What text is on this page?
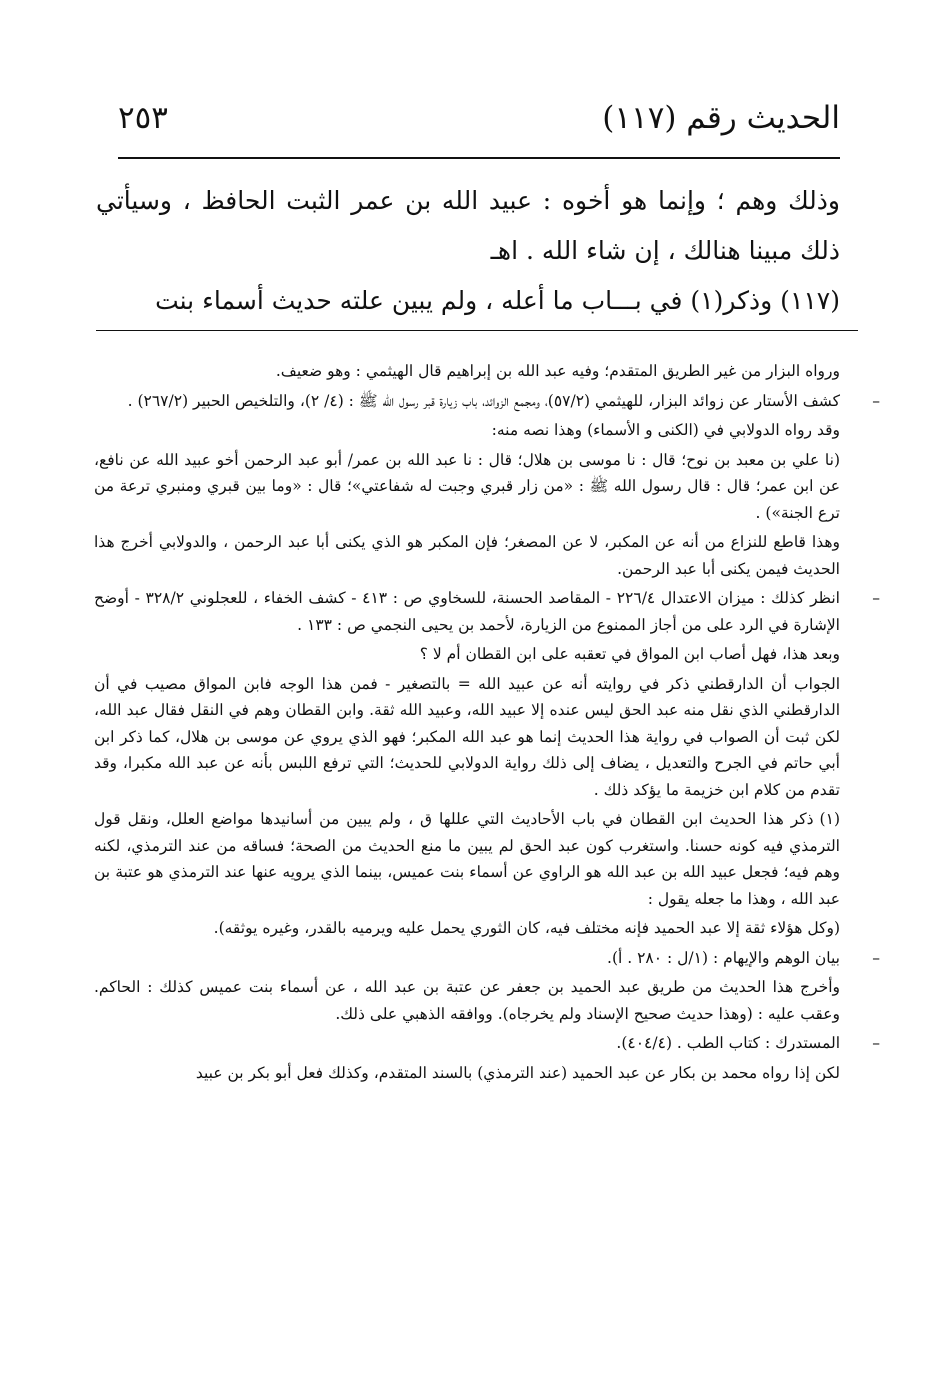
الحديث رقم (١١٧)
٢٥٣

وذلك وهم ؛ وإنما هو أخوه : عبيد الله بن عمر الثبت الحافظ ، وسيأتي ذلك مبينا هنالك ، إن شاء الله . اهـ

(١١٧) وذكر(١) في بـــاب ما أعله ، ولم يبين علته حديث أسماء بنت

ورواه البزار من غير الطريق المتقدم؛ وفيه عبد الله بن إبراهيم قال الهيثمي : وهو ضعيف.

– كشف الأستار عن زوائد البزار، للهيثمي (٥٧/٢)، ومجمع الزوائد، باب زيارة قبر رسول الله ﷺ : (٤/ ٢)، والتلخيص الحبير (٢٦٧/٢) .

وقد رواه الدولابي في (الكنى و الأسماء) وهذا نصه منه:

(نا علي بن معبد بن نوح؛ قال : نا موسى بن هلال؛ قال : نا عبد الله بن عمر/ أبو عبد الرحمن أخو عبيد الله عن نافع، عن ابن عمر؛ قال : قال رسول الله ﷺ : «من زار قبري وجبت له شفاعتي»؛ قال : «وما بين قبري ومنبري ترعة من ترع الجنة») .

وهذا قاطع للنزاع من أنه عن المكبر، لا عن المصغر؛ فإن المكبر هو الذي يكنى أبا عبد الرحمن ، والدولابي أخرج هذا الحديث فيمن يكنى أبا عبد الرحمن.

– انظر كذلك : ميزان الاعتدال ٢٢٦/٤ - المقاصد الحسنة، للسخاوي ص : ٤١٣ - كشف الخفاء ، للعجلوني ٣٢٨/٢ - أوضح الإشارة في الرد على من أجاز الممنوع من الزيارة، لأحمد بن يحيى النجمي ص : ١٣٣ .

وبعد هذا، فهل أصاب ابن المواق في تعقبه على ابن القطان أم لا ؟

الجواب أن الدارقطني ذكر في روايته أنه عن عبيد الله = بالتصغير - فمن هذا الوجه فابن المواق مصيب في أن الدارقطني الذي نقل منه عبد الحق ليس عنده إلا عبيد الله، وعبيد الله ثقة. وابن القطان وهم في النقل فقال عبد الله، لكن ثبت أن الصواب في رواية هذا الحديث إنما هو عبد الله المكبر؛ فهو الذي يروي عن موسى بن هلال، كما ذكر ابن أبي حاتم في الجرح والتعديل ، يضاف إلى ذلك رواية الدولابي للحديث؛ التي ترفع اللبس بأنه عن عبد الله مكبرا، وقد تقدم من كلام ابن خزيمة ما يؤكد ذلك .

(١)ذكر هذا الحديث ابن القطان في باب الأحاديث التي عللها ق ، ولم يبين من أسانيدها مواضع العلل، ونقل قول الترمذي فيه كونه حسنا. واستغرب كون عبد الحق لم يبين ما منع الحديث من الصحة؛ فساقه من عند الترمذي، لكنه وهم فيه؛ فجعل عبيد الله بن عبد الله هو الراوي عن أسماء بنت عميس، بينما الذي يرويه عنها عند الترمذي هو عتبة بن عبد الله ، وهذا ما جعله يقول :

(وكل هؤلاء ثقة إلا عبد الحميد فإنه مختلف فيه، كان الثوري يحمل عليه ويرميه بالقدر، وغيره يوثقه).

– بيان الوهم والإيهام : (١/ل : ٢٨٠ . أ).

وأخرج هذا الحديث من طريق عبد الحميد بن جعفر عن عتبة بن عبد الله ، عن أسماء بنت عميس كذلك : الحاكم. وعقب عليه : (وهذا حديث صحيح الإسناد ولم يخرجاه). ووافقه الذهبي على ذلك.

– المستدرك : كتاب الطب . (٤٠٤/٤).

لكن إذا رواه محمد بن بكار عن عبد الحميد (عند الترمذي) بالسند المتقدم، وكذلك فعل أبو بكر بن عبيد
